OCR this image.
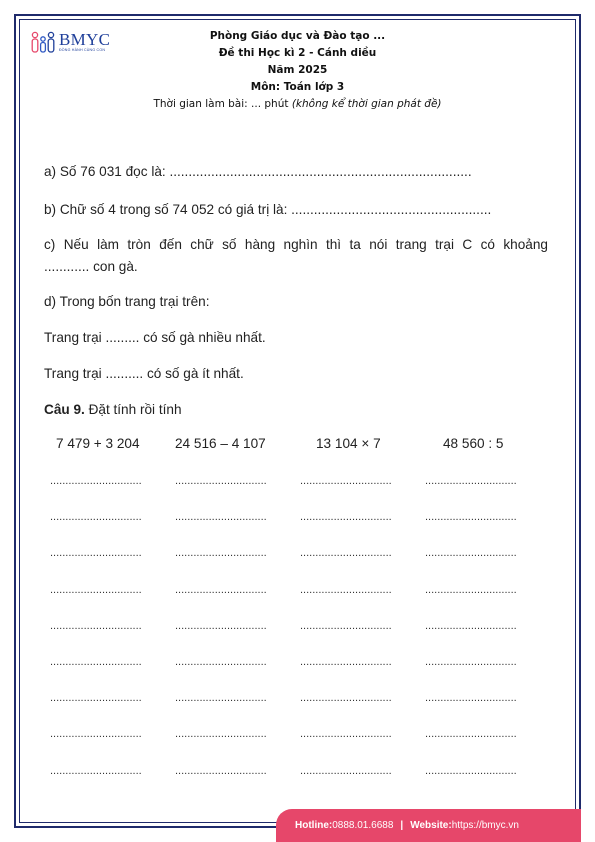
BMYC
ĐỒNG HÀNH CÙNG CON
Phòng Giáo dục và Đào tạo ...
Đề thi Học kì 2 - Cánh diều
Năm 2025
Môn: Toán lớp 3
Thời gian làm bài: ... phút (không kể thời gian phát đề)
a) Số 76 031 đọc là: ................................................................................
b) Chữ số 4 trong số 74 052 có giá trị là: .....................................................
c) Nếu làm tròn đến chữ số hàng nghìn thì ta nói trang trại C có khoảng
............ con gà.
d) Trong bốn trang trại trên:
Trang trại ......... có số gà nhiều nhất.
Trang trại .......... có số gà ít nhất.
Câu 9. Đặt tính rồi tính
7 479 + 3 204	24 516 – 4 107	13 104 × 7	48 560 : 5
..............................	..............................	..............................	..............................
..............................	..............................	..............................	..............................
..............................	..............................	..............................	..............................
..............................	..............................	..............................	..............................
..............................	..............................	..............................	..............................
..............................	..............................	..............................	..............................
..............................	..............................	..............................	..............................
..............................	..............................	..............................	..............................
..............................	..............................	..............................	..............................
Hotline: 0888.01.6688 | Website: https://bmyc.vn
